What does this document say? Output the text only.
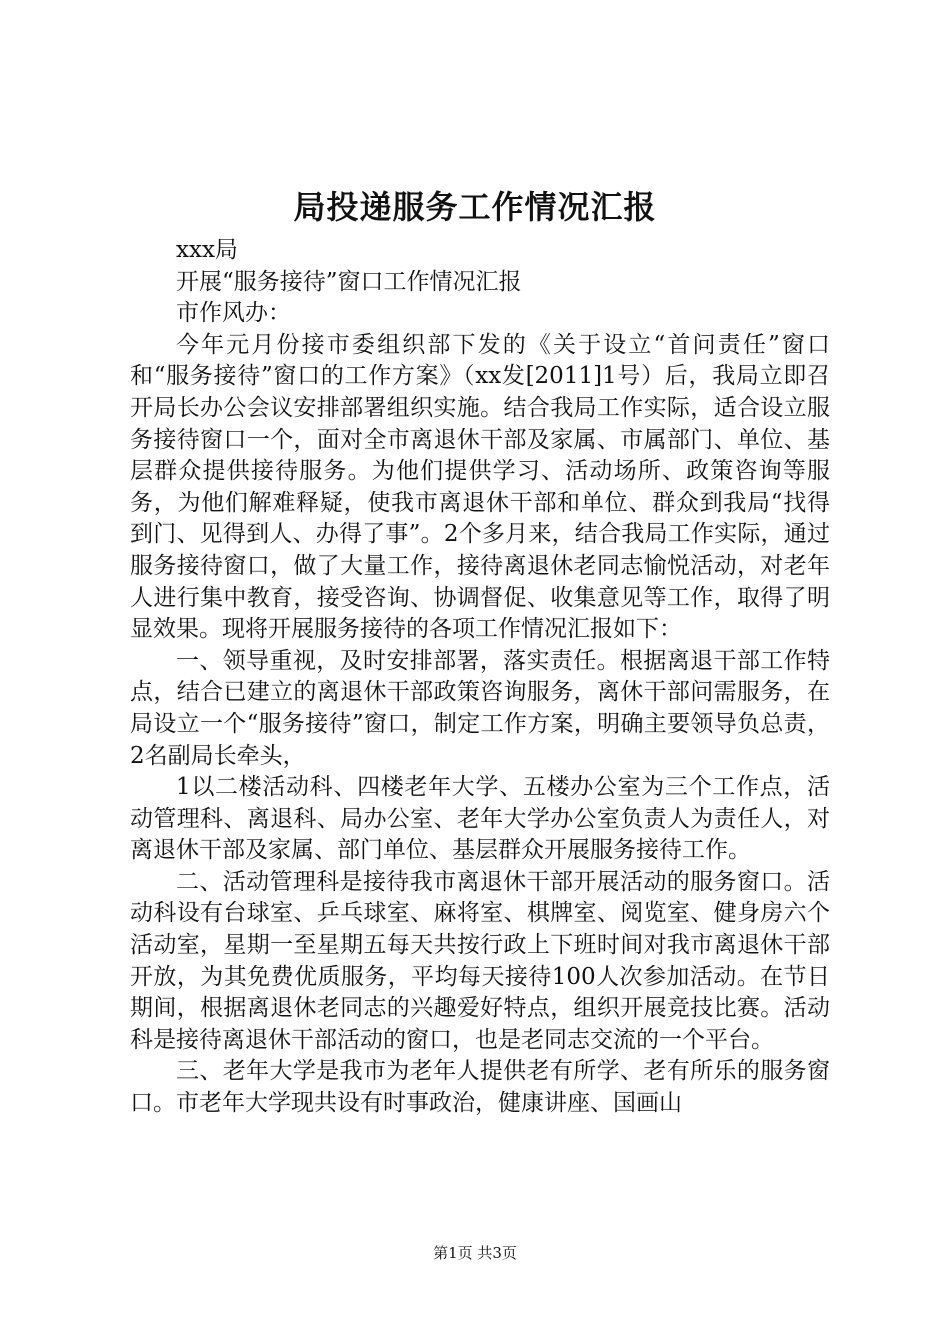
局投递服务工作情况汇报

xxx局

开展“服务接待”窗口工作情况汇报

市作风办：

今年元月份接市委组织部下发的《关于设立“首问责任”窗口和“服务接待”窗口的工作方案》（xx发[2011]1号）后，我局立即召开局长办公会议安排部署组织实施。结合我局工作实际，适合设立服务接待窗口一个，面对全市离退休干部及家属、市属部门、单位、基层群众提供接待服务。为他们提供学习、活动场所、政策咨询等服务，为他们解难释疑，使我市离退休干部和单位、群众到我局“找得到门、见得到人、办得了事”。2个多月来，结合我局工作实际，通过服务接待窗口，做了大量工作，接待离退休老同志愉悦活动，对老年人进行集中教育，接受咨询、协调督促、收集意见等工作，取得了明显效果。现将开展服务接待的各项工作情况汇报如下：

一、领导重视，及时安排部署，落实责任。根据离退干部工作特点，结合已建立的离退休干部政策咨询服务，离休干部问需服务，在局设立一个“服务接待”窗口，制定工作方案，明确主要领导负总责，2名副局长牵头，

1以二楼活动科、四楼老年大学、五楼办公室为三个工作点，活动管理科、离退科、局办公室、老年大学办公室负责人为责任人，对离退休干部及家属、部门单位、基层群众开展服务接待工作。

二、活动管理科是接待我市离退休干部开展活动的服务窗口。活动科设有台球室、乒乓球室、麻将室、棋牌室、阅览室、健身房六个活动室，星期一至星期五每天共按行政上下班时间对我市离退休干部开放，为其免费优质服务，平均每天接待100人次参加活动。在节日期间，根据离退休老同志的兴趣爱好特点，组织开展竞技比赛。活动科是接待离退休干部活动的窗口，也是老同志交流的一个平台。

三、老年大学是我市为老年人提供老有所学、老有所乐的服务窗口。市老年大学现共设有时事政治，健康讲座、国画山

第1页 共3页
